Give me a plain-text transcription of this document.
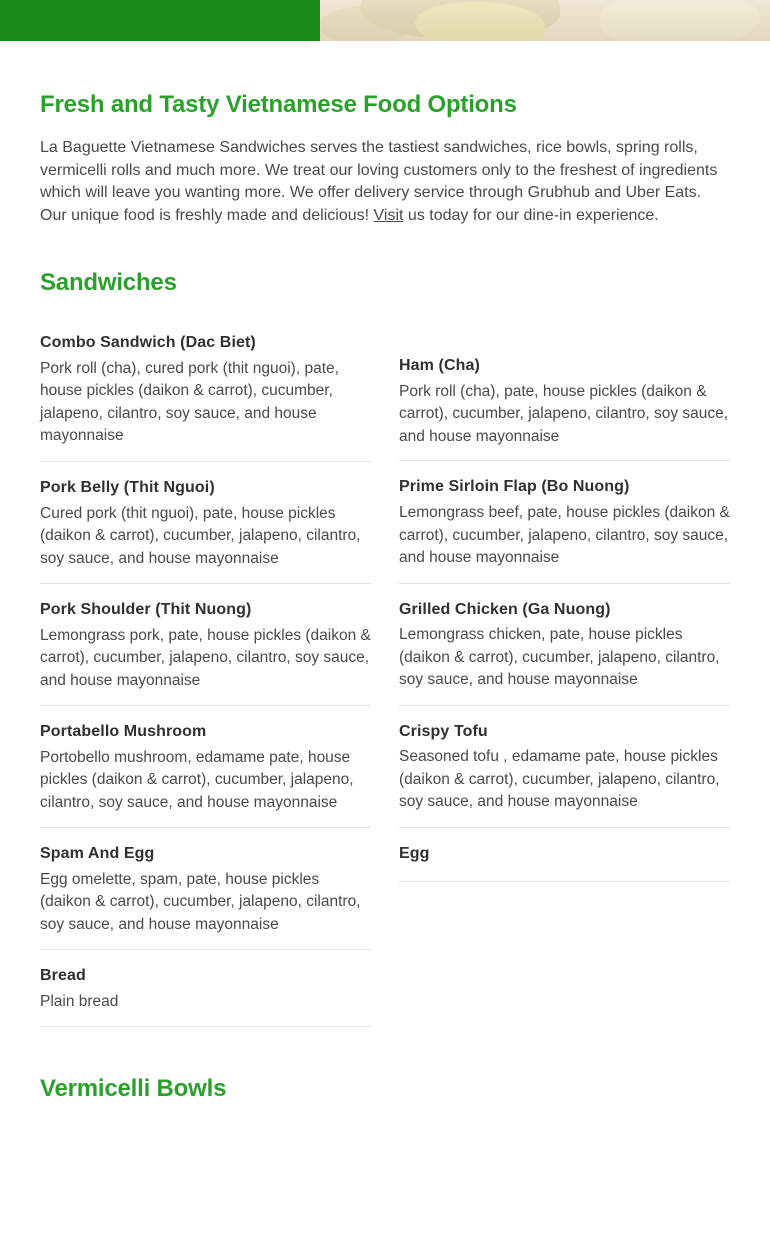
Fresh and Tasty Vietnamese Food Options

La Baguette Vietnamese Sandwiches serves the tastiest sandwiches, rice bowls, spring rolls, vermicelli rolls and much more. We treat our loving customers only to the freshest of ingredients which will leave you wanting more. We offer delivery service through Grubhub and Uber Eats. Our unique food is freshly made and delicious! Visit us today for our dine-in experience.

Sandwiches
Combo Sandwich (Dac Biet)
Pork roll (cha), cured pork (thit nguoi), pate, house pickles (daikon & carrot), cucumber, jalapeno, cilantro, soy sauce, and house mayonnaise
Pork Belly (Thit Nguoi)
Cured pork (thit nguoi), pate, house pickles (daikon & carrot), cucumber, jalapeno, cilantro, soy sauce, and house mayonnaise
Pork Shoulder (Thit Nuong)
Lemongrass pork, pate, house pickles (daikon & carrot), cucumber, jalapeno, cilantro, soy sauce, and house mayonnaise
Portabello Mushroom
Portobello mushroom, edamame pate, house pickles (daikon & carrot), cucumber, jalapeno, cilantro, soy sauce, and house mayonnaise
Spam And Egg
Egg omelette, spam, pate, house pickles (daikon & carrot), cucumber, jalapeno, cilantro, soy sauce, and house mayonnaise
Bread
Plain bread
Ham (Cha)
Pork roll (cha), pate, house pickles (daikon & carrot), cucumber, jalapeno, cilantro, soy sauce, and house mayonnaise
Prime Sirloin Flap (Bo Nuong)
Lemongrass beef, pate, house pickles (daikon & carrot), cucumber, jalapeno, cilantro, soy sauce, and house mayonnaise
Grilled Chicken (Ga Nuong)
Lemongrass chicken, pate, house pickles (daikon & carrot), cucumber, jalapeno, cilantro, soy sauce, and house mayonnaise
Crispy Tofu
Seasoned tofu , edamame pate, house pickles (daikon & carrot), cucumber, jalapeno, cilantro, soy sauce, and house mayonnaise
Egg
Vermicelli Bowls
